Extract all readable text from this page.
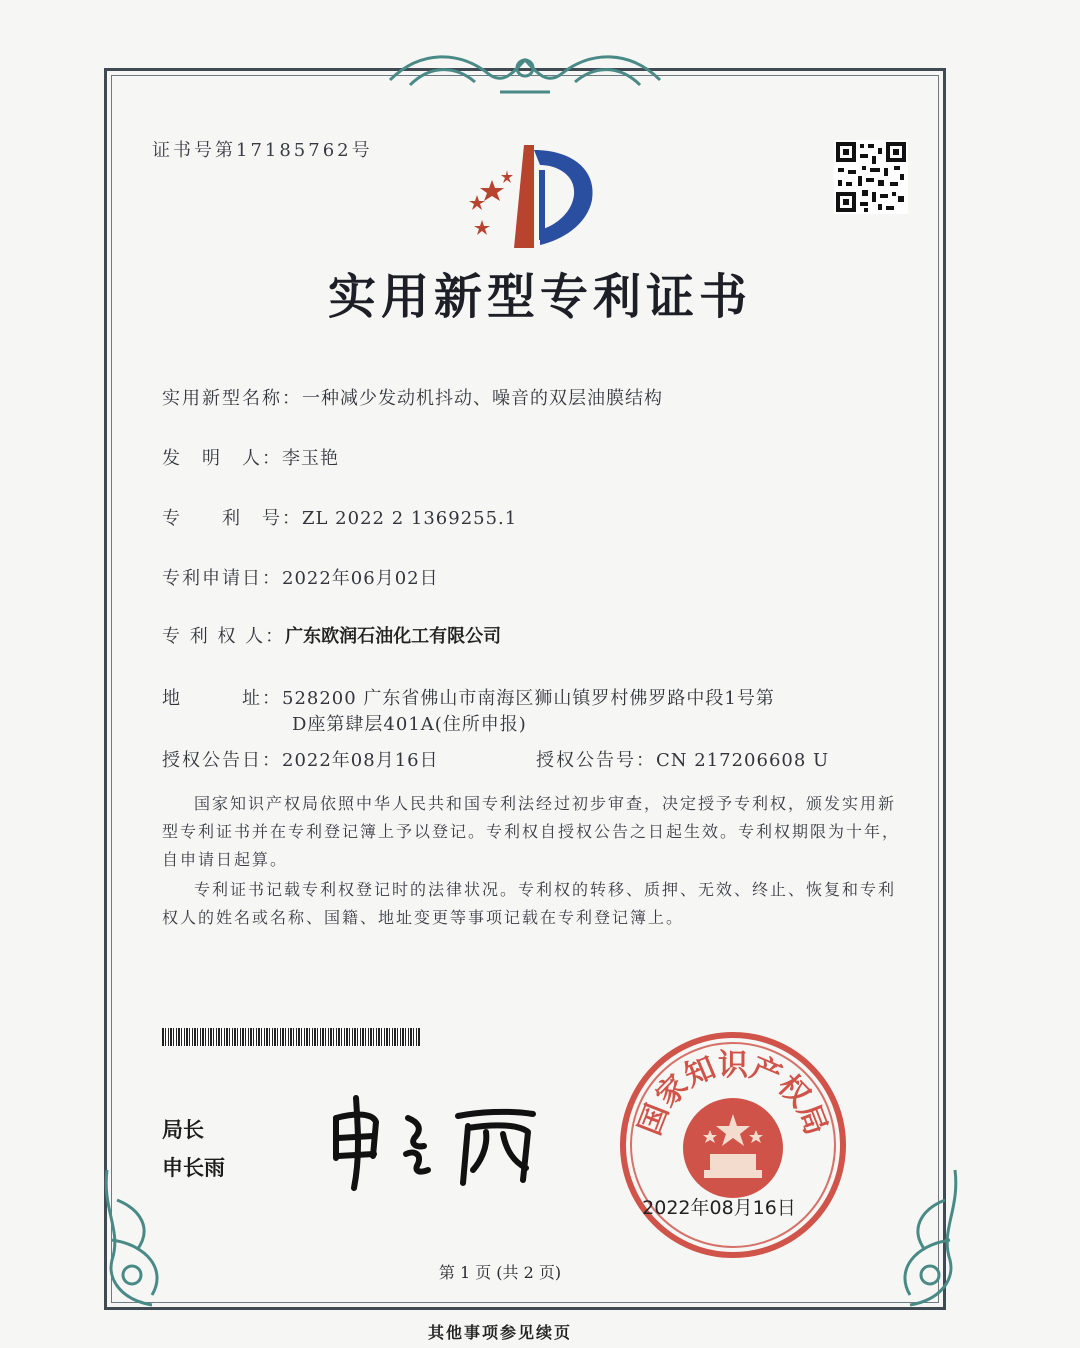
证书号第17185762号
实用新型专利证书
实用新型名称：一种减少发动机抖动、噪音的双层油膜结构
发　明　人：李玉艳
专　　利　号：ZL 2022 2 1369255.1
专利申请日：2022年06月02日
专 利 权 人：广东欧润石油化工有限公司
地　　　址：528200 广东省佛山市南海区狮山镇罗村佛罗路中段1号第
D座第肆层401A(住所申报)
授权公告日：2022年08月16日	授权公告号：CN 217206608 U
国家知识产权局依照中华人民共和国专利法经过初步审查，决定授予专利权，颁发实用新型专利证书并在专利登记簿上予以登记。专利权自授权公告之日起生效。专利权期限为十年，自申请日起算。
专利证书记载专利权登记时的法律状况。专利权的转移、质押、无效、终止、恢复和专利权人的姓名或名称、国籍、地址变更等事项记载在专利登记簿上。
局长
申长雨
国家知识产权局
2022年08月16日
第 1 页 (共 2 页)
其他事项参见续页
